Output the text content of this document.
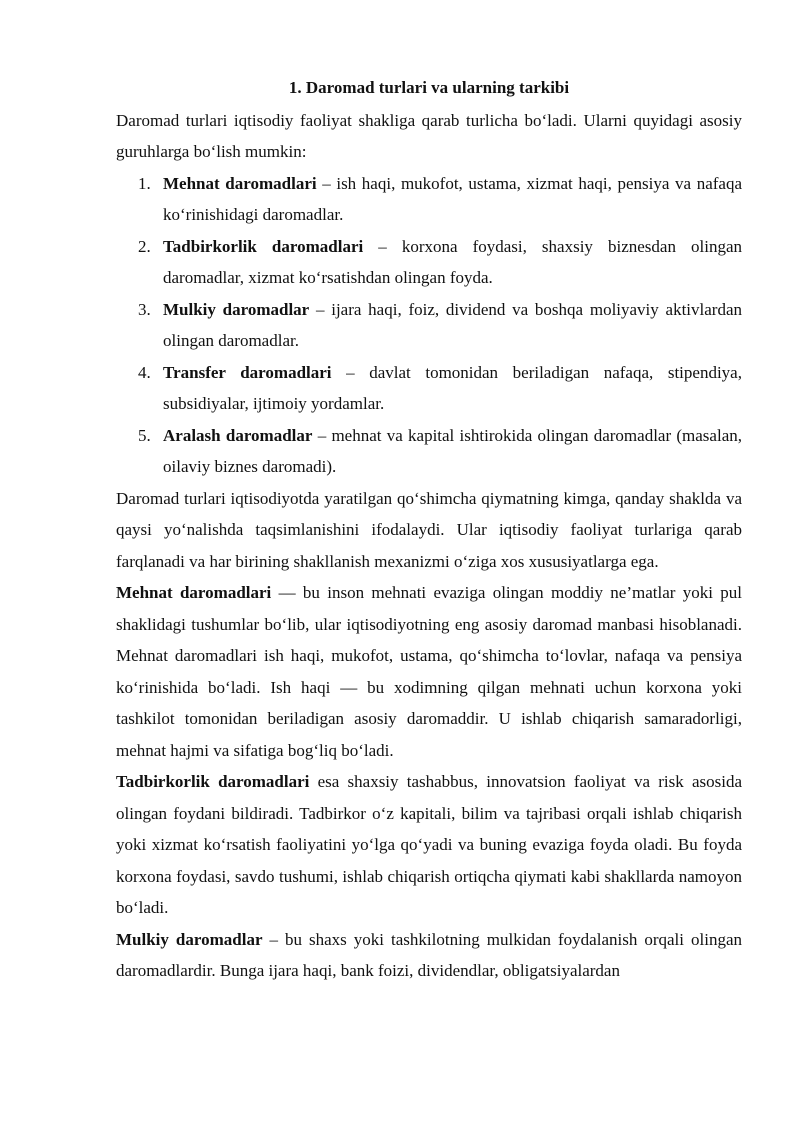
1. Daromad turlari va ularning tarkibi

Daromad turlari iqtisodiy faoliyat shakliga qarab turlicha bo‘ladi. Ularni quyidagi asosiy guruhlarga bo‘lish mumkin:

1. Mehnat daromadlari – ish haqi, mukofot, ustama, xizmat haqi, pensiya va nafaqa ko‘rinishidagi daromadlar.
2. Tadbirkorlik daromadlari – korxona foydasi, shaxsiy biznesdan olingan daromadlar, xizmat ko‘rsatishdan olingan foyda.
3. Mulkiy daromadlar – ijara haqi, foiz, dividend va boshqa moliyaviy aktivlardan olingan daromadlar.
4. Transfer daromadlari – davlat tomonidan beriladigan nafaqa, stipendiya, subsidiyalar, ijtimoiy yordamlar.
5. Aralash daromadlar – mehnat va kapital ishtirokida olingan daromadlar (masalan, oilaviy biznes daromadi).

Daromad turlari iqtisodiyotda yaratilgan qo‘shimcha qiymatning kimga, qanday shaklda va qaysi yo‘nalishda taqsimlanishini ifodalaydi. Ular iqtisodiy faoliyat turlariga qarab farqlanadi va har birining shakllanish mexanizmi o‘ziga xos xususiyatlarga ega.

Mehnat daromadlari — bu inson mehnati evaziga olingan moddiy ne’matlar yoki pul shaklidagi tushumlar bo‘lib, ular iqtisodiyotning eng asosiy daromad manbasi hisoblanadi. Mehnat daromadlari ish haqi, mukofot, ustama, qo‘shimcha to‘lovlar, nafaqa va pensiya ko‘rinishida bo‘ladi. Ish haqi — bu xodimning qilgan mehnati uchun korxona yoki tashkilot tomonidan beriladigan asosiy daromaddir. U ishlab chiqarish samaradorligi, mehnat hajmi va sifatiga bog‘liq bo‘ladi.

Tadbirkorlik daromadlari esa shaxsiy tashabbus, innovatsion faoliyat va risk asosida olingan foydani bildiradi. Tadbirkor o‘z kapitali, bilim va tajribasi orqali ishlab chiqarish yoki xizmat ko‘rsatish faoliyatini yo‘lga qo‘yadi va buning evaziga foyda oladi. Bu foyda korxona foydasi, savdo tushumi, ishlab chiqarish ortiqcha qiymati kabi shakllarda namoyon bo‘ladi.

Mulkiy daromadlar – bu shaxs yoki tashkilotning mulkidan foydalanish orqali olingan daromadlardir. Bunga ijara haqi, bank foizi, dividendlar, obligatsiyalardan
